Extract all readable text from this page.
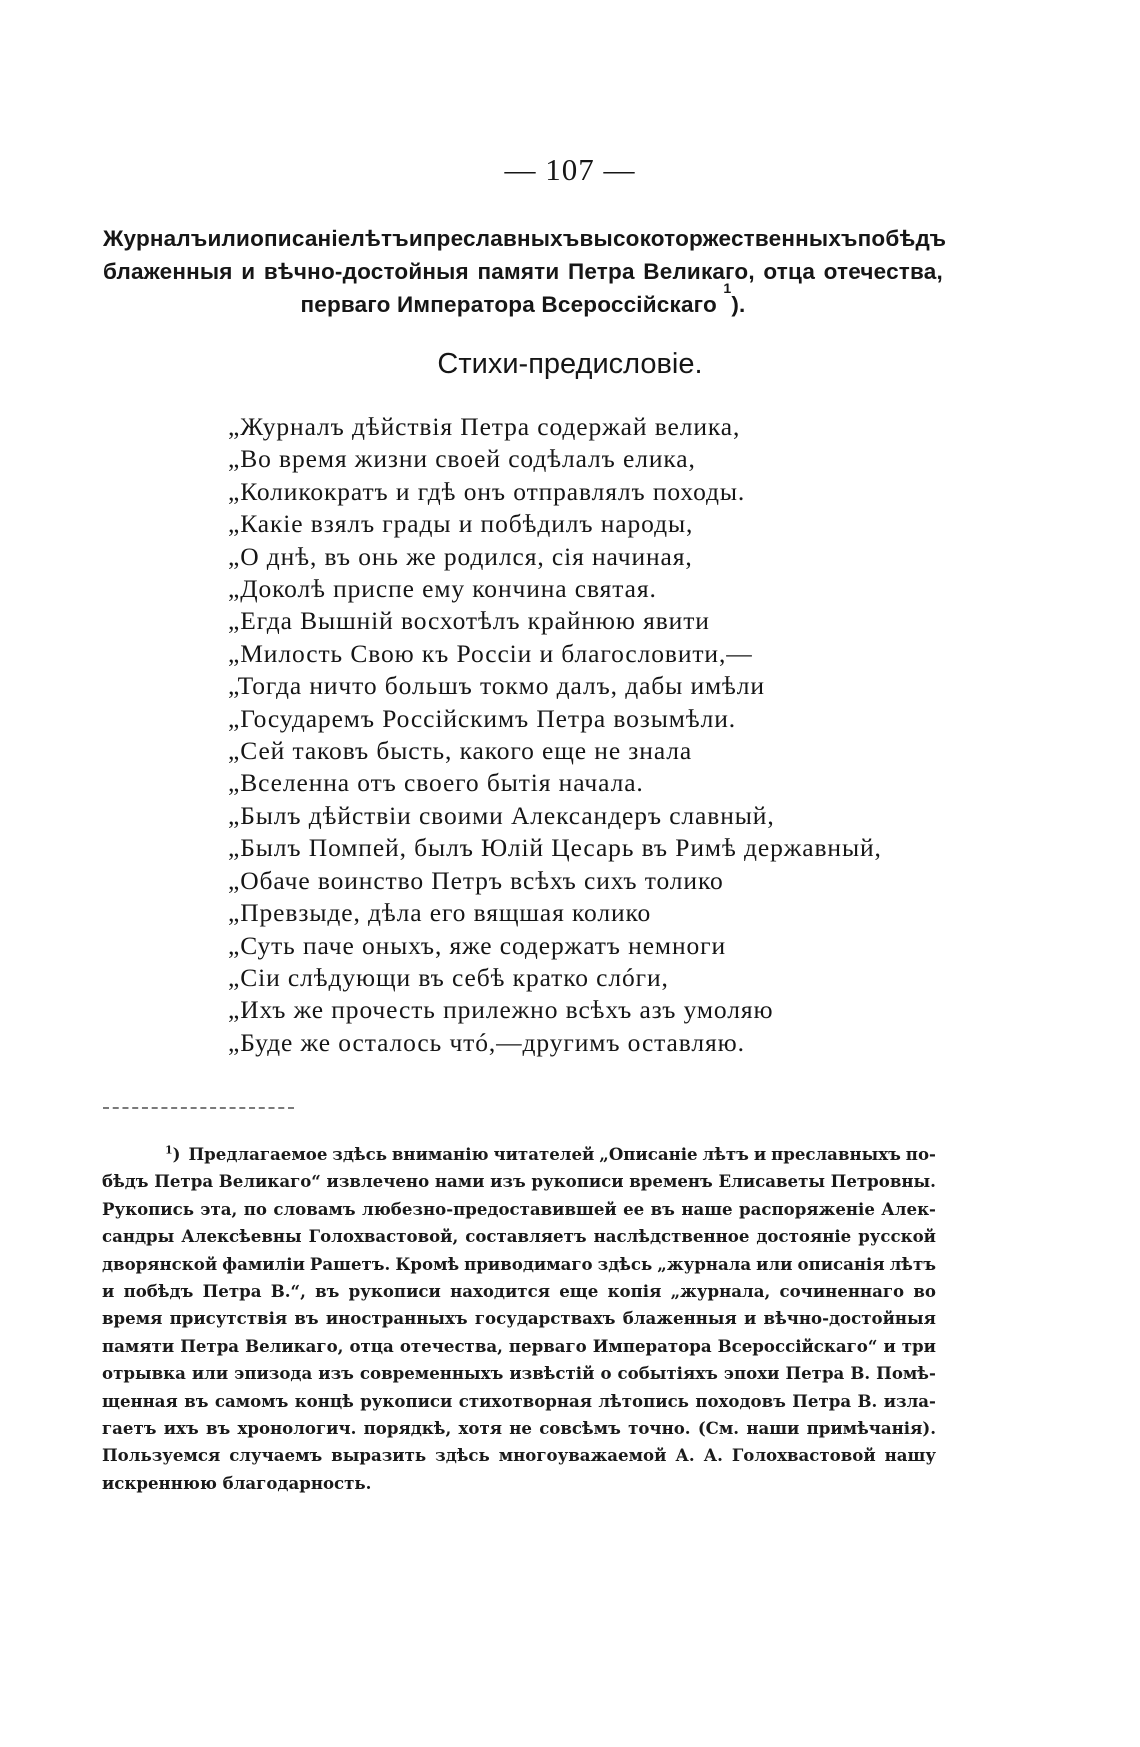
— 107 —
Журналъ или описаніе лѣтъ и преславныхъ высокоторжественныхъ побѣдъ
блаженныя и вѣчно-достойныя памяти Петра Великаго, отца отечества,
перваго Императора Всероссійскаго

1
).
Стихи-предисловіе.
„Журналъ дѣйствія Петра содержай велика,
„Во время жизни своей содѣлалъ елика,
„Коликократъ и гдѣ онъ отправлялъ походы.
„Какіе взялъ грады и побѣдилъ народы,
„О днѣ, въ онь же родился, сія начиная,
„Доколѣ приспе ему кончина святая.
„Егда Вышній восхотѣлъ крайнюю явити
„Милость Свою къ Россіи и благословити,—
„Тогда ничто больш͏ъ токмо далъ, дабы имѣли
„Государемъ Россійскимъ Петра возымѣли.
„Сей таковъ бысть, какого еще не знала
„Вселенна отъ своего бытія начала.
„Былъ дѣйствіи своими Александеръ славный,
„Былъ Помпей, былъ Юлій Цесарь въ Римѣ державный,
„Обаче воинство Петръ всѣхъ сихъ толико
„Превзыде, дѣла его вящшая колико
„Суть паче оныхъ, яже содержатъ немноги
„Сіи слѣдующи въ себѣ кратко слóги,
„Ихъ же прочесть прилежно всѣхъ азъ умоляю
„Буде же осталось чтó,—другимъ оставляю.
$^1$) Предлагаемое здѣсь вниманію читателей „Описаніе лѣтъ и преславныхъ по-
бѣдъ Петра Великаго“ извлечено нами изъ рукописи временъ Елисаветы Петровны.
Рукопись эта, по словамъ любезно-предоставившей ее въ наше распоряженіе Алек-
сандры Алексѣевны Голохвастовой, составляетъ наслѣдственное достояніе русской
дворянской фамиліи Рашетъ. Кромѣ приводимаго здѣсь „журнала или описанія лѣтъ
и побѣдъ Петра В.“, въ рукописи находится еще копія „журнала, сочиненнаго во
время присутствія въ иностранныхъ государствахъ блаженныя и вѣчно-достойныя
памяти Петра Великаго, отца отечества, перваго Императора Всероссійскаго“ и три
отрывка или эпизода изъ современныхъ извѣстій о событіяхъ эпохи Петра В. Помѣ-
щенная въ самомъ концѣ рукописи стихотворная лѣтопись походовъ Петра В. изла-
гаетъ ихъ въ хронологич. порядкѣ, хотя не совсѣмъ точно. (См. наши примѣчанія).
Пользуемся случаемъ выразить здѣсь многоуважаемой А. А. Голохвастовой нашу
искреннюю благодарность.
